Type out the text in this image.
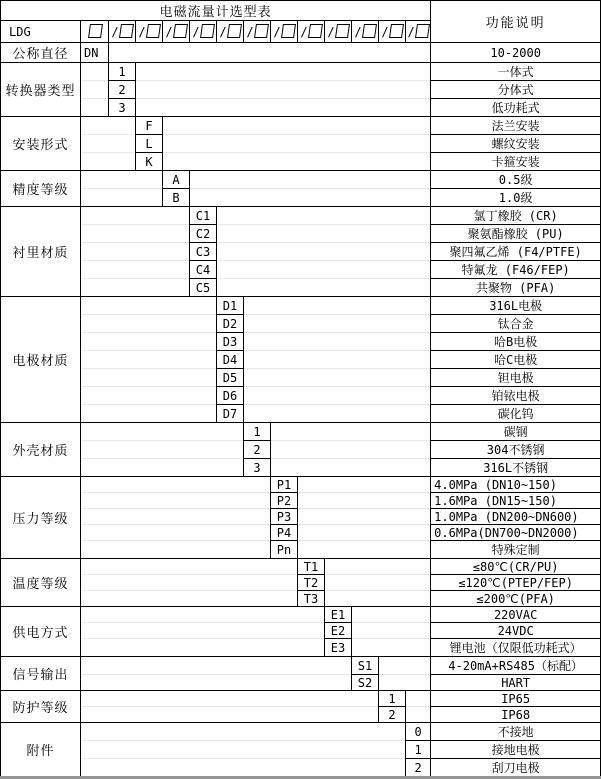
电磁流量计选型表														功能说明
LDG		/	/	/	/	/	/	/	/	/	/	/	/	
公称直径	DN													10-2000
转换器类型		1												一体式
		2												分体式
		3												低功耗式
安装形式			F											法兰安装
			L											螺纹安装
			K											卡箍安装
精度等级				A										0.5级
				B										1.0级
衬里材质					C1									氯丁橡胶 (CR)
					C2									聚氨酯橡胶 (PU)
					C3									聚四氟乙烯 (F4/PTFE)
					C4									特氟龙 (F46/FEP)
					C5									共聚物 (PFA)
电极材质						D1								316L电极
						D2								钛合金
						D3								哈B电极
						D4								哈C电极
						D5								钽电极
						D6								铂铱电极
						D7								碳化钨
外壳材质							1							碳钢
							2							304不锈钢
							3							316L不锈钢
压力等级								P1						4.0MPa (DN10~150)
								P2						1.6MPa (DN15~150)
								P3						1.0MPa (DN200~DN600)
								P4						0.6MPa(DN700~DN2000)
								Pn						特殊定制
温度等级									T1					≤80℃(CR/PU)
									T2					≤120℃(PTEP/FEP)
									T3					≤200℃(PFA)
供电方式										E1				220VAC
										E2				24VDC
										E3				锂电池（仅限低功耗式）
信号输出											S1			4-20mA+RS485（标配）
											S2			HART
防护等级												1		IP65
												2		IP68
附件													0	不接地
													1	接地电极
													2	刮刀电极
